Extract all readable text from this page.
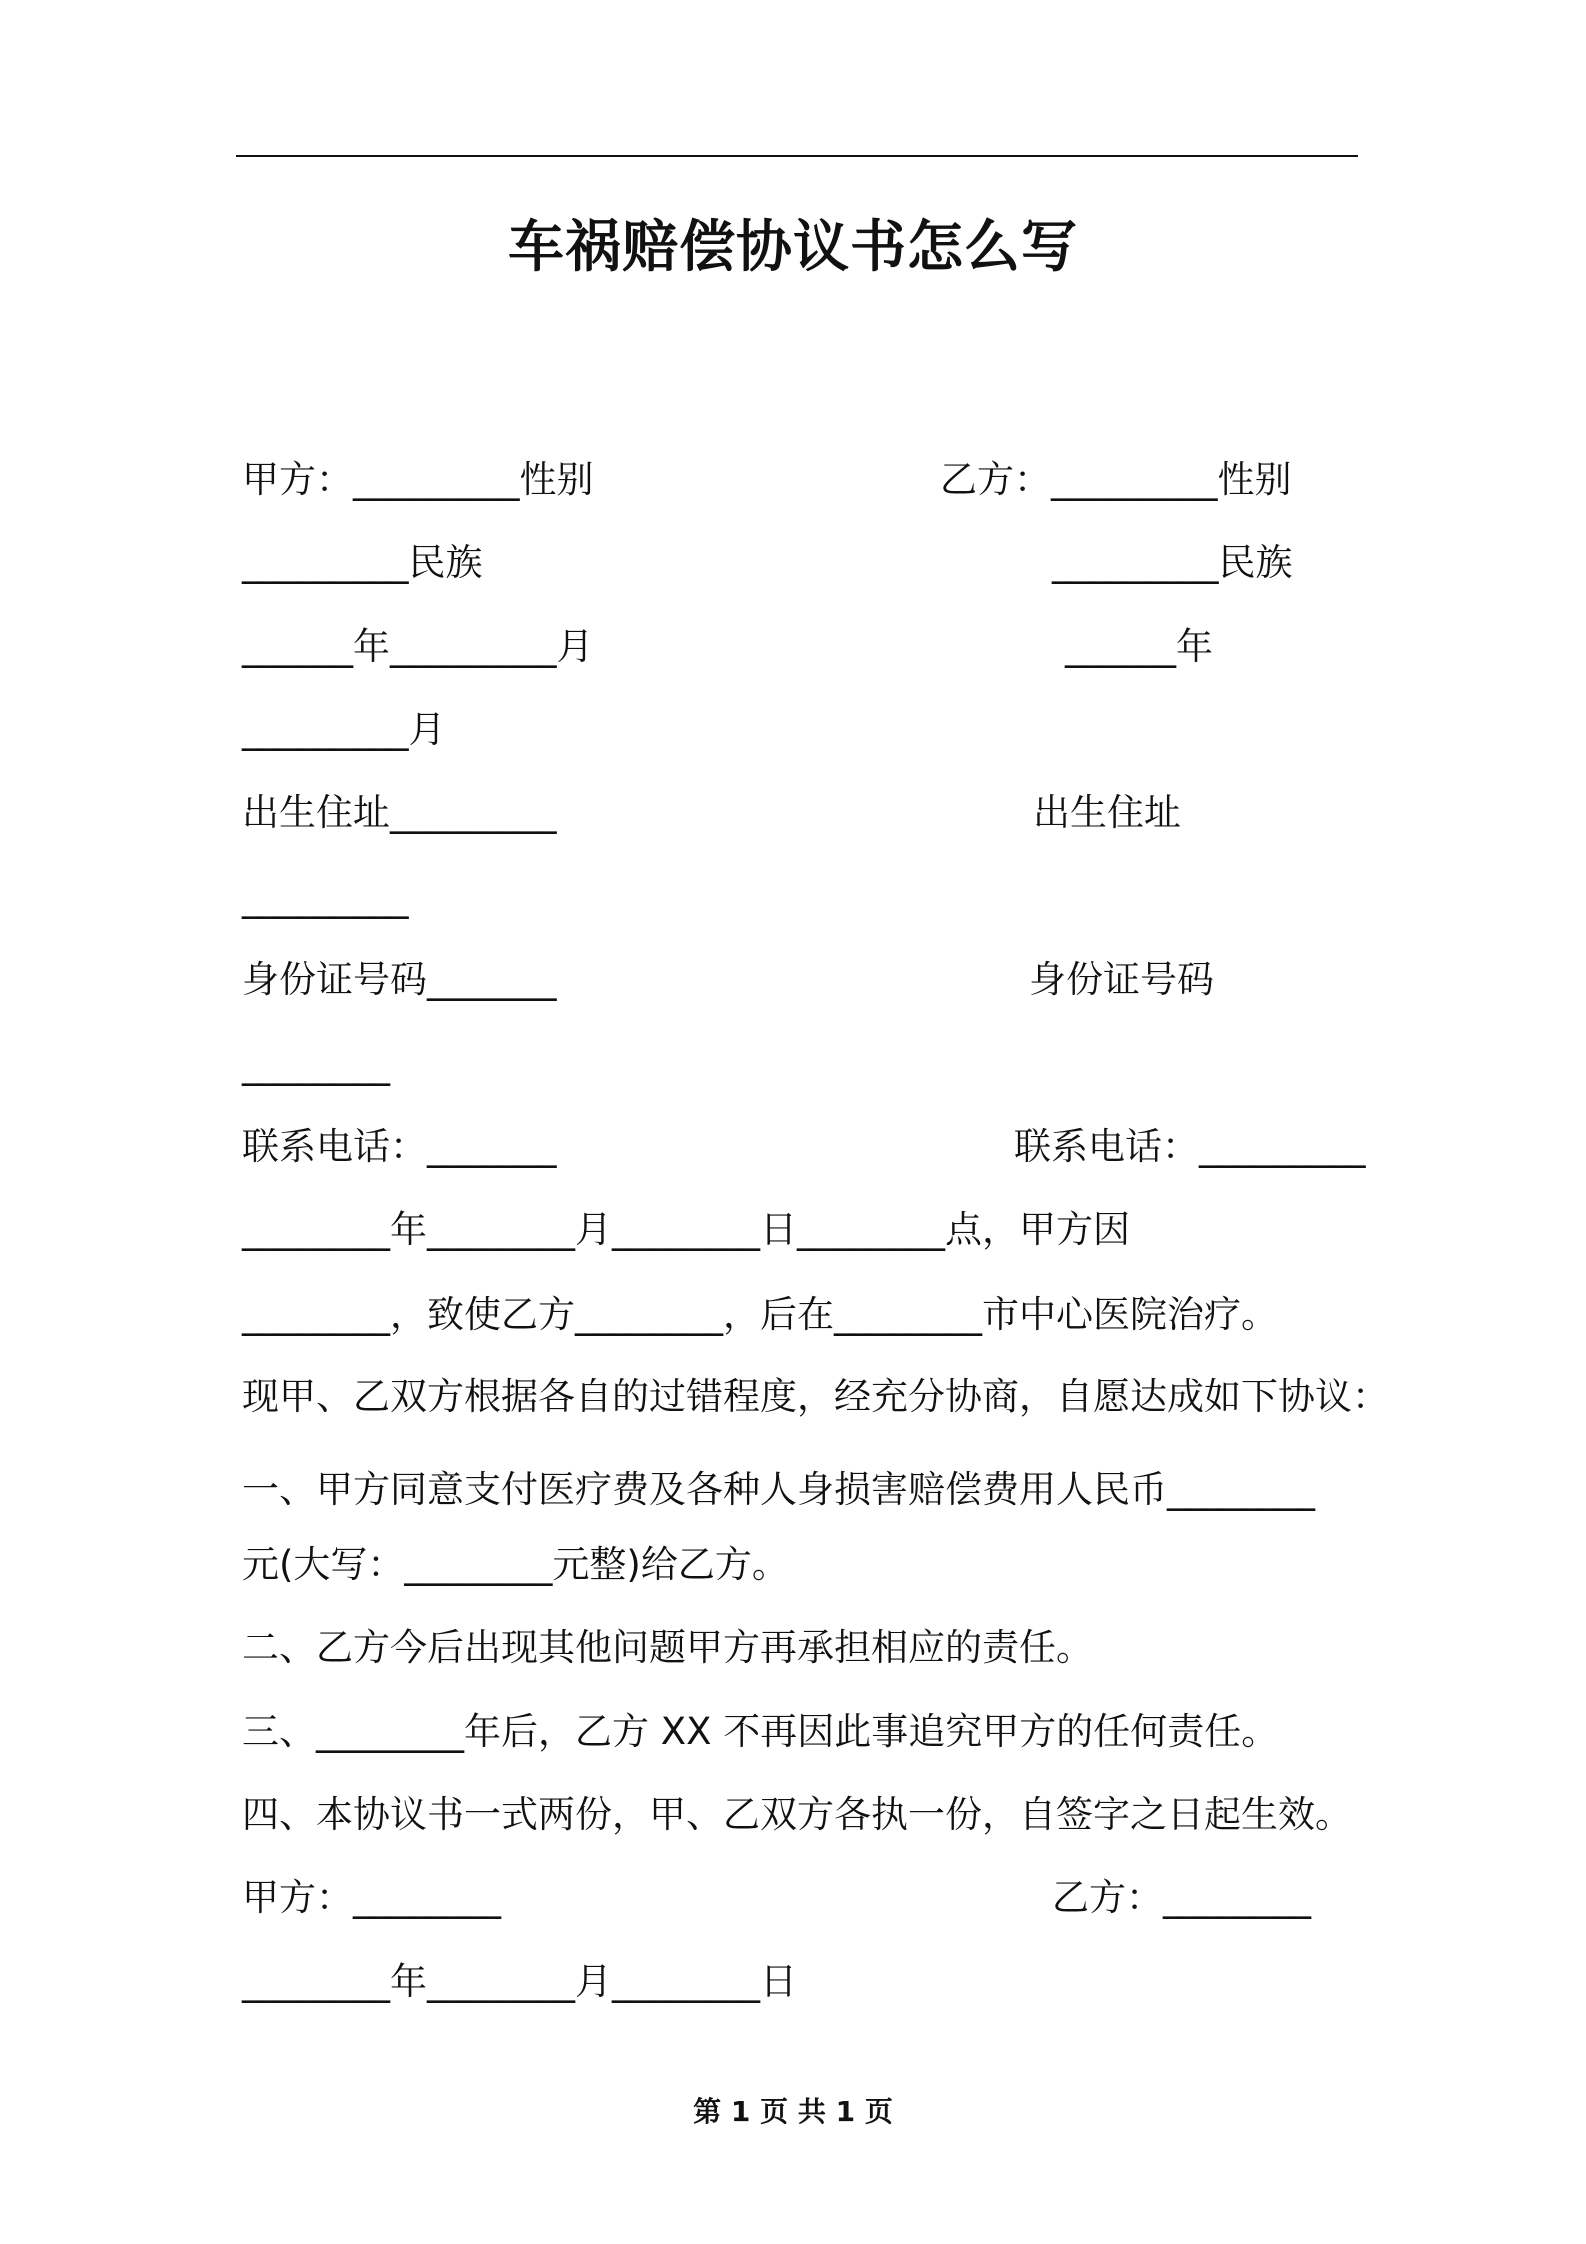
车祸赔偿协议书怎么写
甲方：_________性别
_________民族
______年_________月
_________月
出生住址_________
_________
身份证号码_______
________
联系电话：_______
乙方：_________性别
_________民族
______年
出生住址
身份证号码
联系电话：_________
________年________月________日________点，甲方因
________，致使乙方________，后在________市中心医院治疗。
现甲、乙双方根据各自的过错程度，经充分协商，自愿达成如下协议：
一、甲方同意支付医疗费及各种人身损害赔偿费用人民币________
元(大写：________元整)给乙方。
二、乙方今后出现其他问题甲方再承担相应的责任。
三、________年后，乙方 XX 不再因此事追究甲方的任何责任。
四、本协议书一式两份，甲、乙双方各执一份，自签字之日起生效。
甲方：________	乙方：________
________年________月________日
第 1 页 共 1 页
